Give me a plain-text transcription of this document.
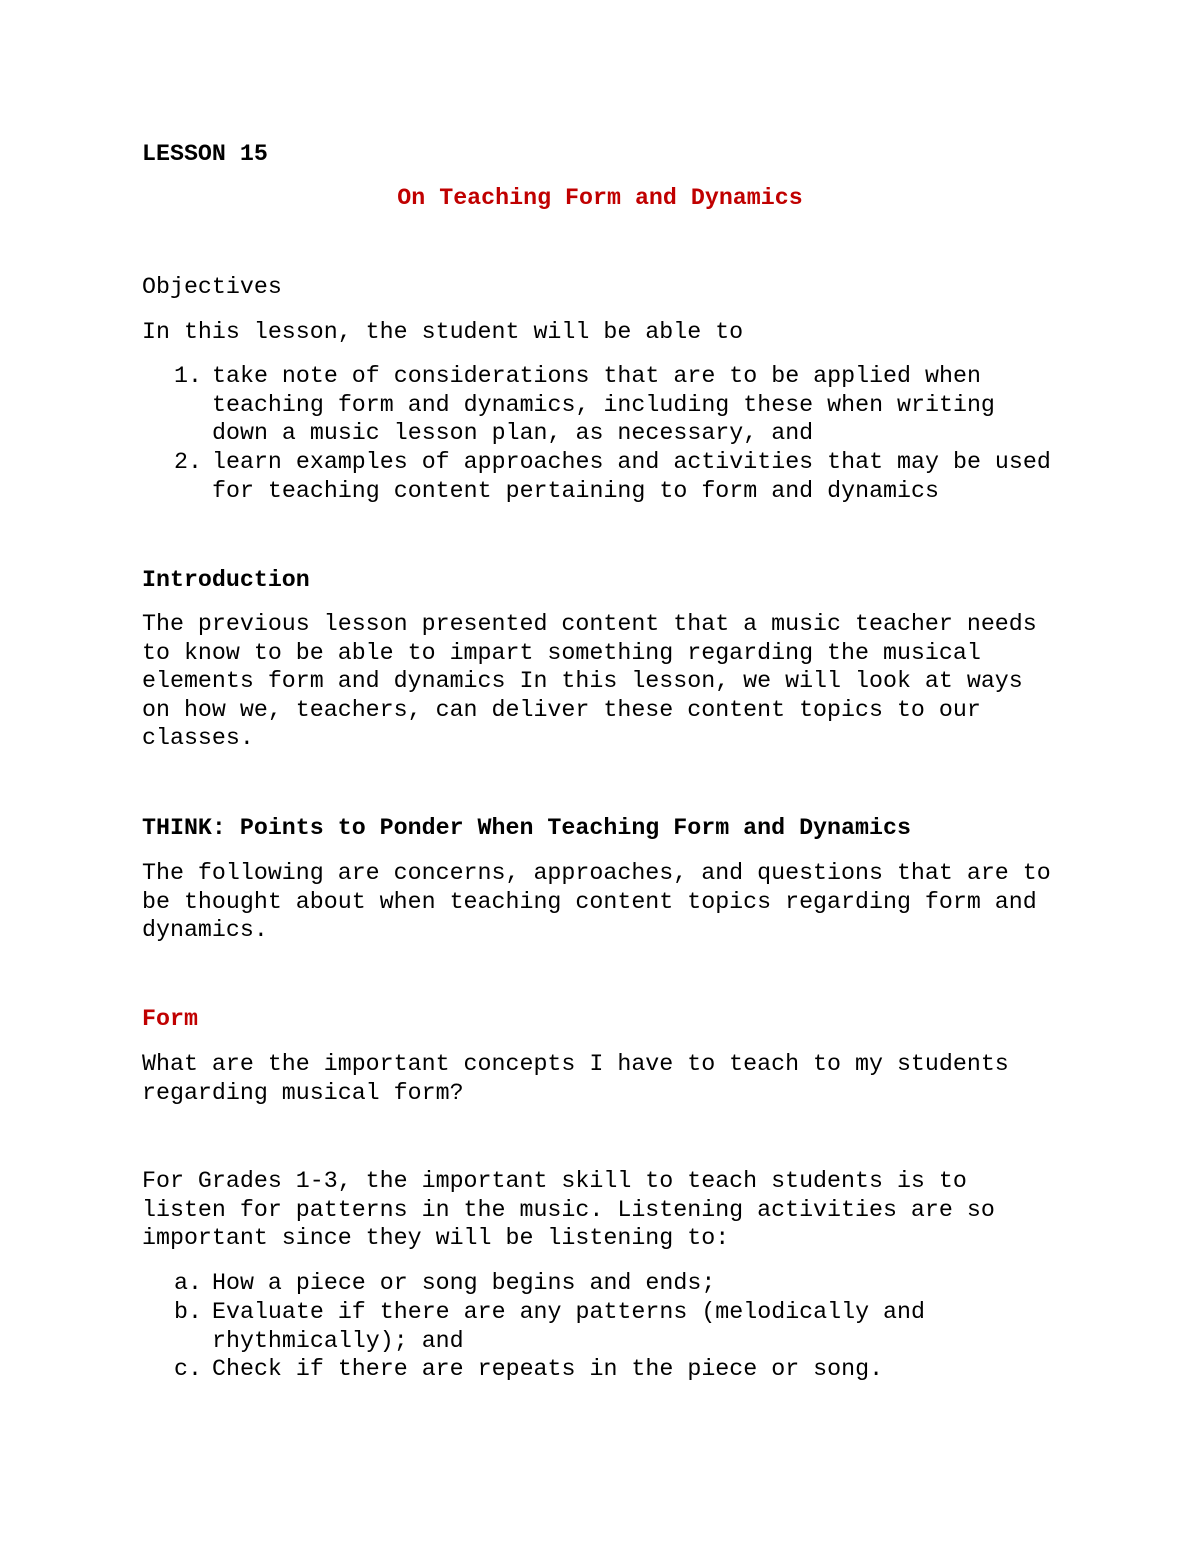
LESSON 15

On Teaching Form and Dynamics

Objectives

In this lesson, the student will be able to

1. take note of considerations that are to be applied when
teaching form and dynamics, including these when writing
down a music lesson plan, as necessary, and

2. learn examples of approaches and activities that may be used
for teaching content pertaining to form and dynamics

Introduction

The previous lesson presented content that a music teacher needs
to know to be able to impart something regarding the musical
elements form and dynamics In this lesson, we will look at ways
on how we, teachers, can deliver these content topics to our
classes.

THINK: Points to Ponder When Teaching Form and Dynamics

The following are concerns, approaches, and questions that are to
be thought about when teaching content topics regarding form and
dynamics.

Form

What are the important concepts I have to teach to my students
regarding musical form?

For Grades 1-3, the important skill to teach students is to
listen for patterns in the music. Listening activities are so
important since they will be listening to:

a. How a piece or song begins and ends;

b. Evaluate if there are any patterns (melodically and
rhythmically); and

c. Check if there are repeats in the piece or song.
